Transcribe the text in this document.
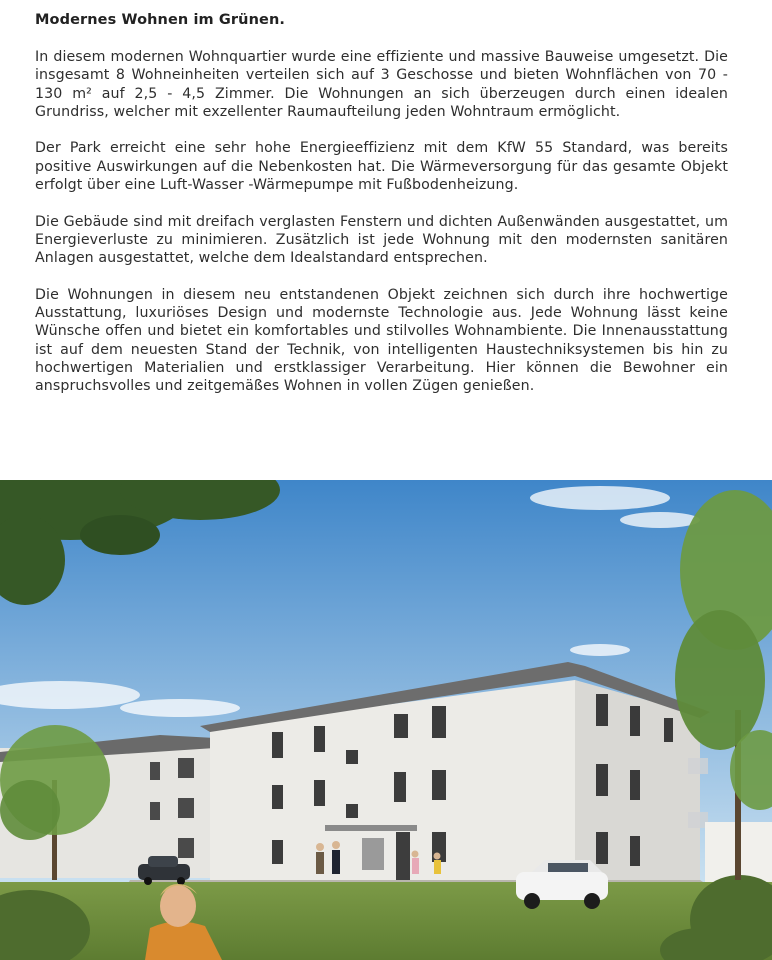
Modernes Wohnen im Grünen.

In diesem modernen Wohnquartier wurde eine effiziente und massive Bauweise umgesetzt. Die insgesamt 8 Wohneinheiten verteilen sich auf 3 Geschosse und bieten Wohnflächen von 70 - 130 m² auf 2,5 - 4,5 Zimmer. Die Wohnungen an sich überzeugen durch einen idealen Grundriss, welcher mit exzellenter Raumaufteilung jeden Wohntraum ermöglicht.

Der Park erreicht eine sehr hohe Energieeffizienz mit dem KfW 55 Standard, was bereits positive Auswirkungen auf die Nebenkosten hat. Die Wärmeversorgung für das gesamte Objekt erfolgt über eine Luft-Wasser -Wärmepumpe mit Fußbodenheizung.

Die Gebäude sind mit dreifach verglasten Fenstern und dichten Außenwänden ausgestattet, um Energieverluste zu minimieren. Zusätzlich ist jede Wohnung mit den modernsten sanitären Anlagen ausgestattet, welche dem Idealstandard entsprechen.

Die Wohnungen in diesem neu entstandenen Objekt zeichnen sich durch ihre hochwertige Ausstattung, luxuriöses Design und modernste Technologie aus. Jede Wohnung lässt keine Wünsche offen und bietet ein komfortables und stilvolles Wohnambiente. Die Innenausstattung ist auf dem neuesten Stand der Technik, von intelligenten Haustechniksystemen bis hin zu hochwertigen Materialien und erstklassiger Verarbeitung. Hier können die Bewohner ein anspruchsvolles und zeitgemäßes Wohnen in vollen Zügen genießen.
